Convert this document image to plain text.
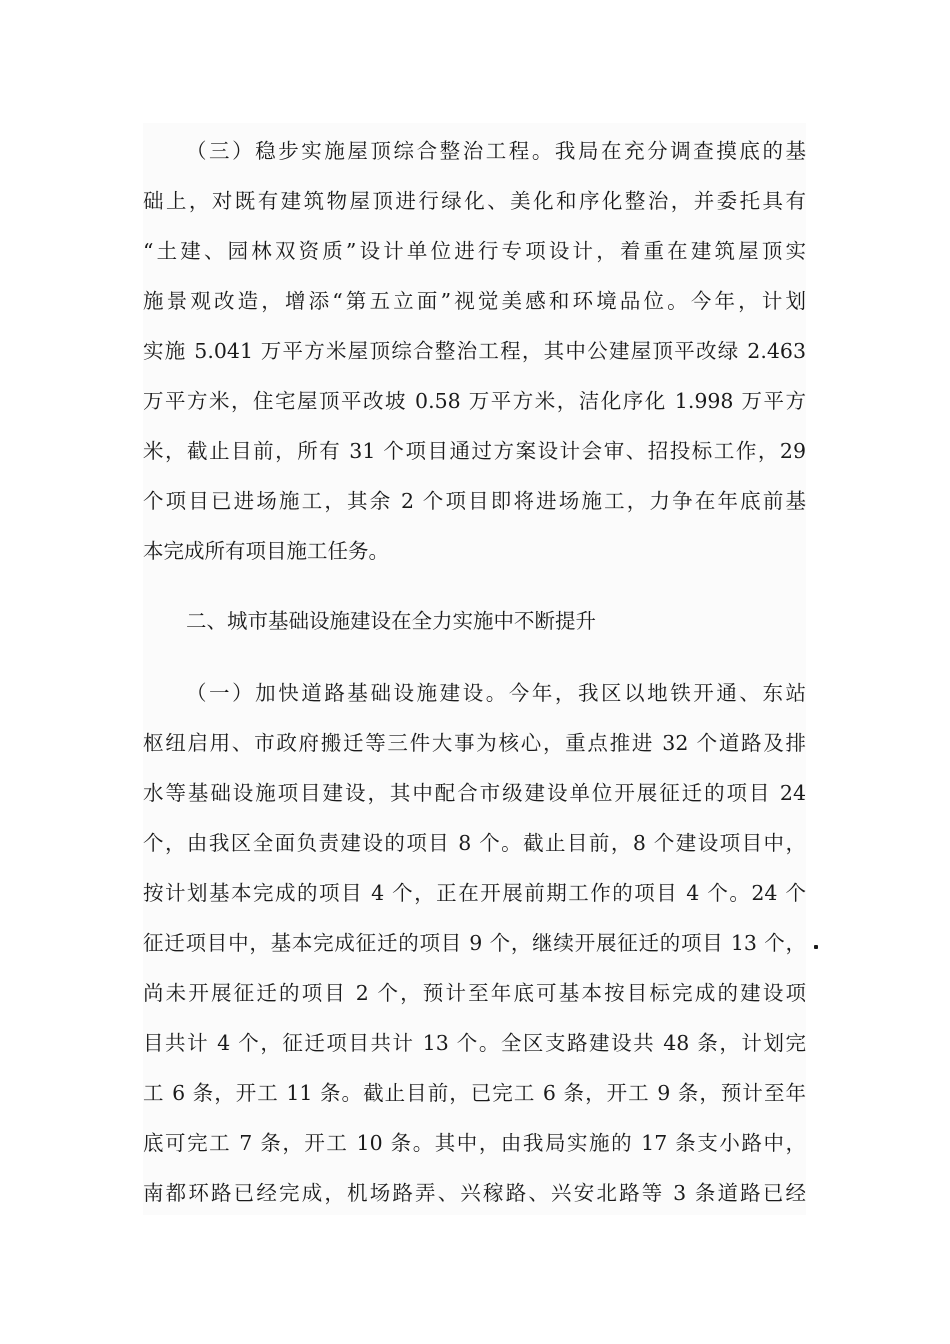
（三）稳步实施屋顶综合整治工程。我局在充分调查摸底的基
础上，对既有建筑物屋顶进行绿化、美化和序化整治，并委托具有
“土建、园林双资质”设计单位进行专项设计，着重在建筑屋顶实
施景观改造，增添“第五立面”视觉美感和环境品位。今年，计划
实施 5.041 万平方米屋顶综合整治工程，其中公建屋顶平改绿 2.463
万平方米，住宅屋顶平改坡 0.58 万平方米，洁化序化 1.998 万平方
米，截止目前，所有 31 个项目通过方案设计会审、招投标工作，29
个项目已进场施工，其余 2 个项目即将进场施工，力争在年底前基
本完成所有项目施工任务。
二、城市基础设施建设在全力实施中不断提升
（一）加快道路基础设施建设。今年，我区以地铁开通、东站
枢纽启用、市政府搬迁等三件大事为核心，重点推进 32 个道路及排
水等基础设施项目建设，其中配合市级建设单位开展征迁的项目 24
个，由我区全面负责建设的项目 8 个。截止目前，8 个建设项目中，
按计划基本完成的项目 4 个，正在开展前期工作的项目 4 个。24 个
征迁项目中，基本完成征迁的项目 9 个，继续开展征迁的项目 13 个，
尚未开展征迁的项目 2 个，预计至年底可基本按目标完成的建设项
目共计 4 个，征迁项目共计 13 个。全区支路建设共 48 条，计划完
工 6 条，开工 11 条。截止目前，已完工 6 条，开工 9 条，预计至年
底可完工 7 条，开工 10 条。其中，由我局实施的 17 条支小路中，
南都环路已经完成，机场路弄、兴稼路、兴安北路等 3 条道路已经
